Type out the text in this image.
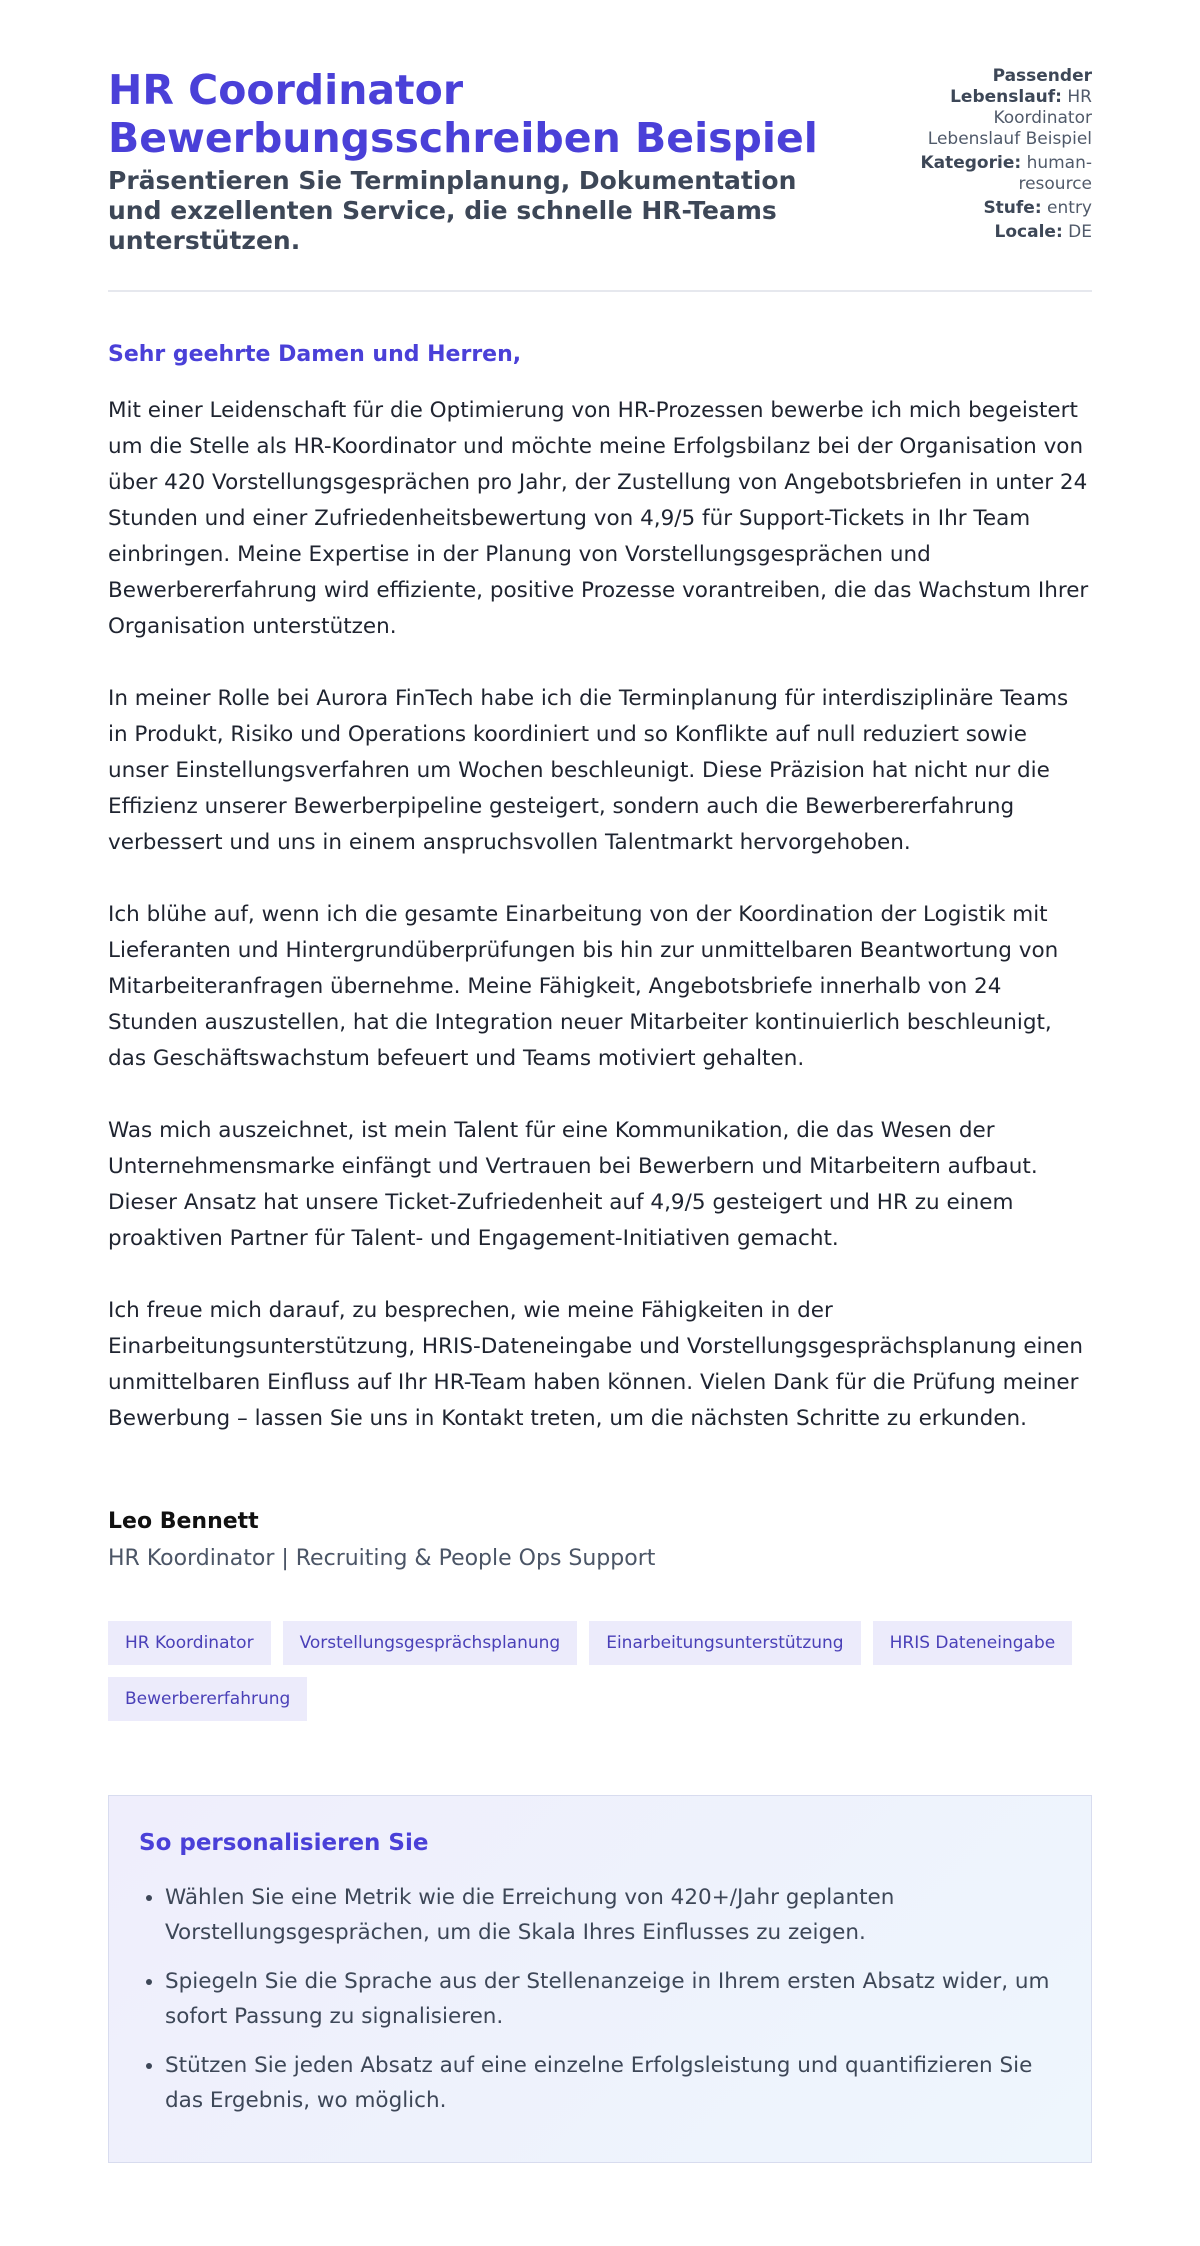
HR Coordinator Bewerbungsschreiben Beispiel

Präsentieren Sie Terminplanung, Dokumentation und exzellenten Service, die schnelle HR-Teams unterstützen.

Passender Lebenslauf: HR Koordinator Lebenslauf Beispiel
Kategorie: human-resource
Stufe: entry
Locale: DE
Sehr geehrte Damen und Herren,

Mit einer Leidenschaft für die Optimierung von HR-Prozessen bewerbe ich mich begeistert um die Stelle als HR-Koordinator und möchte meine Erfolgsbilanz bei der Organisation von über 420 Vorstellungsgesprächen pro Jahr, der Zustellung von Angebotsbriefen in unter 24 Stunden und einer Zufriedenheitsbewertung von 4,9/5 für Support-Tickets in Ihr Team einbringen. Meine Expertise in der Planung von Vorstellungsgesprächen und Bewerbererfahrung wird effiziente, positive Prozesse vorantreiben, die das Wachstum Ihrer Organisation unterstützen.

In meiner Rolle bei Aurora FinTech habe ich die Terminplanung für interdisziplinäre Teams in Produkt, Risiko und Operations koordiniert und so Konflikte auf null reduziert sowie unser Einstellungsverfahren um Wochen beschleunigt. Diese Präzision hat nicht nur die Effizienz unserer Bewerberpipeline gesteigert, sondern auch die Bewerbererfahrung verbessert und uns in einem anspruchsvollen Talentmarkt hervorgehoben.

Ich blühe auf, wenn ich die gesamte Einarbeitung von der Koordination der Logistik mit Lieferanten und Hintergrundüberprüfungen bis hin zur unmittelbaren Beantwortung von Mitarbeiteranfragen übernehme. Meine Fähigkeit, Angebotsbriefe innerhalb von 24 Stunden auszustellen, hat die Integration neuer Mitarbeiter kontinuierlich beschleunigt, das Geschäftswachstum befeuert und Teams motiviert gehalten.

Was mich auszeichnet, ist mein Talent für eine Kommunikation, die das Wesen der Unternehmensmarke einfängt und Vertrauen bei Bewerbern und Mitarbeitern aufbaut. Dieser Ansatz hat unsere Ticket-Zufriedenheit auf 4,9/5 gesteigert und HR zu einem proaktiven Partner für Talent- und Engagement-Initiativen gemacht.

Ich freue mich darauf, zu besprechen, wie meine Fähigkeiten in der Einarbeitungsunterstützung, HRIS-Dateneingabe und Vorstellungsgesprächsplanung einen unmittelbaren Einfluss auf Ihr HR-Team haben können. Vielen Dank für die Prüfung meiner Bewerbung – lassen Sie uns in Kontakt treten, um die nächsten Schritte zu erkunden.

Leo Bennett
HR Koordinator | Recruiting & People Ops Support
HR Koordinator	Vorstellungsgesprächsplanung	Einarbeitungsunterstützung	HRIS Dateneingabe
Bewerbererfahrung
So personalisieren Sie
• Wählen Sie eine Metrik wie die Erreichung von 420+/Jahr geplanten Vorstellungsgesprächen, um die Skala Ihres Einflusses zu zeigen.
• Spiegeln Sie die Sprache aus der Stellenanzeige in Ihrem ersten Absatz wider, um sofort Passung zu signalisieren.
• Stützen Sie jeden Absatz auf eine einzelne Erfolgsleistung und quantifizieren Sie das Ergebnis, wo möglich.
